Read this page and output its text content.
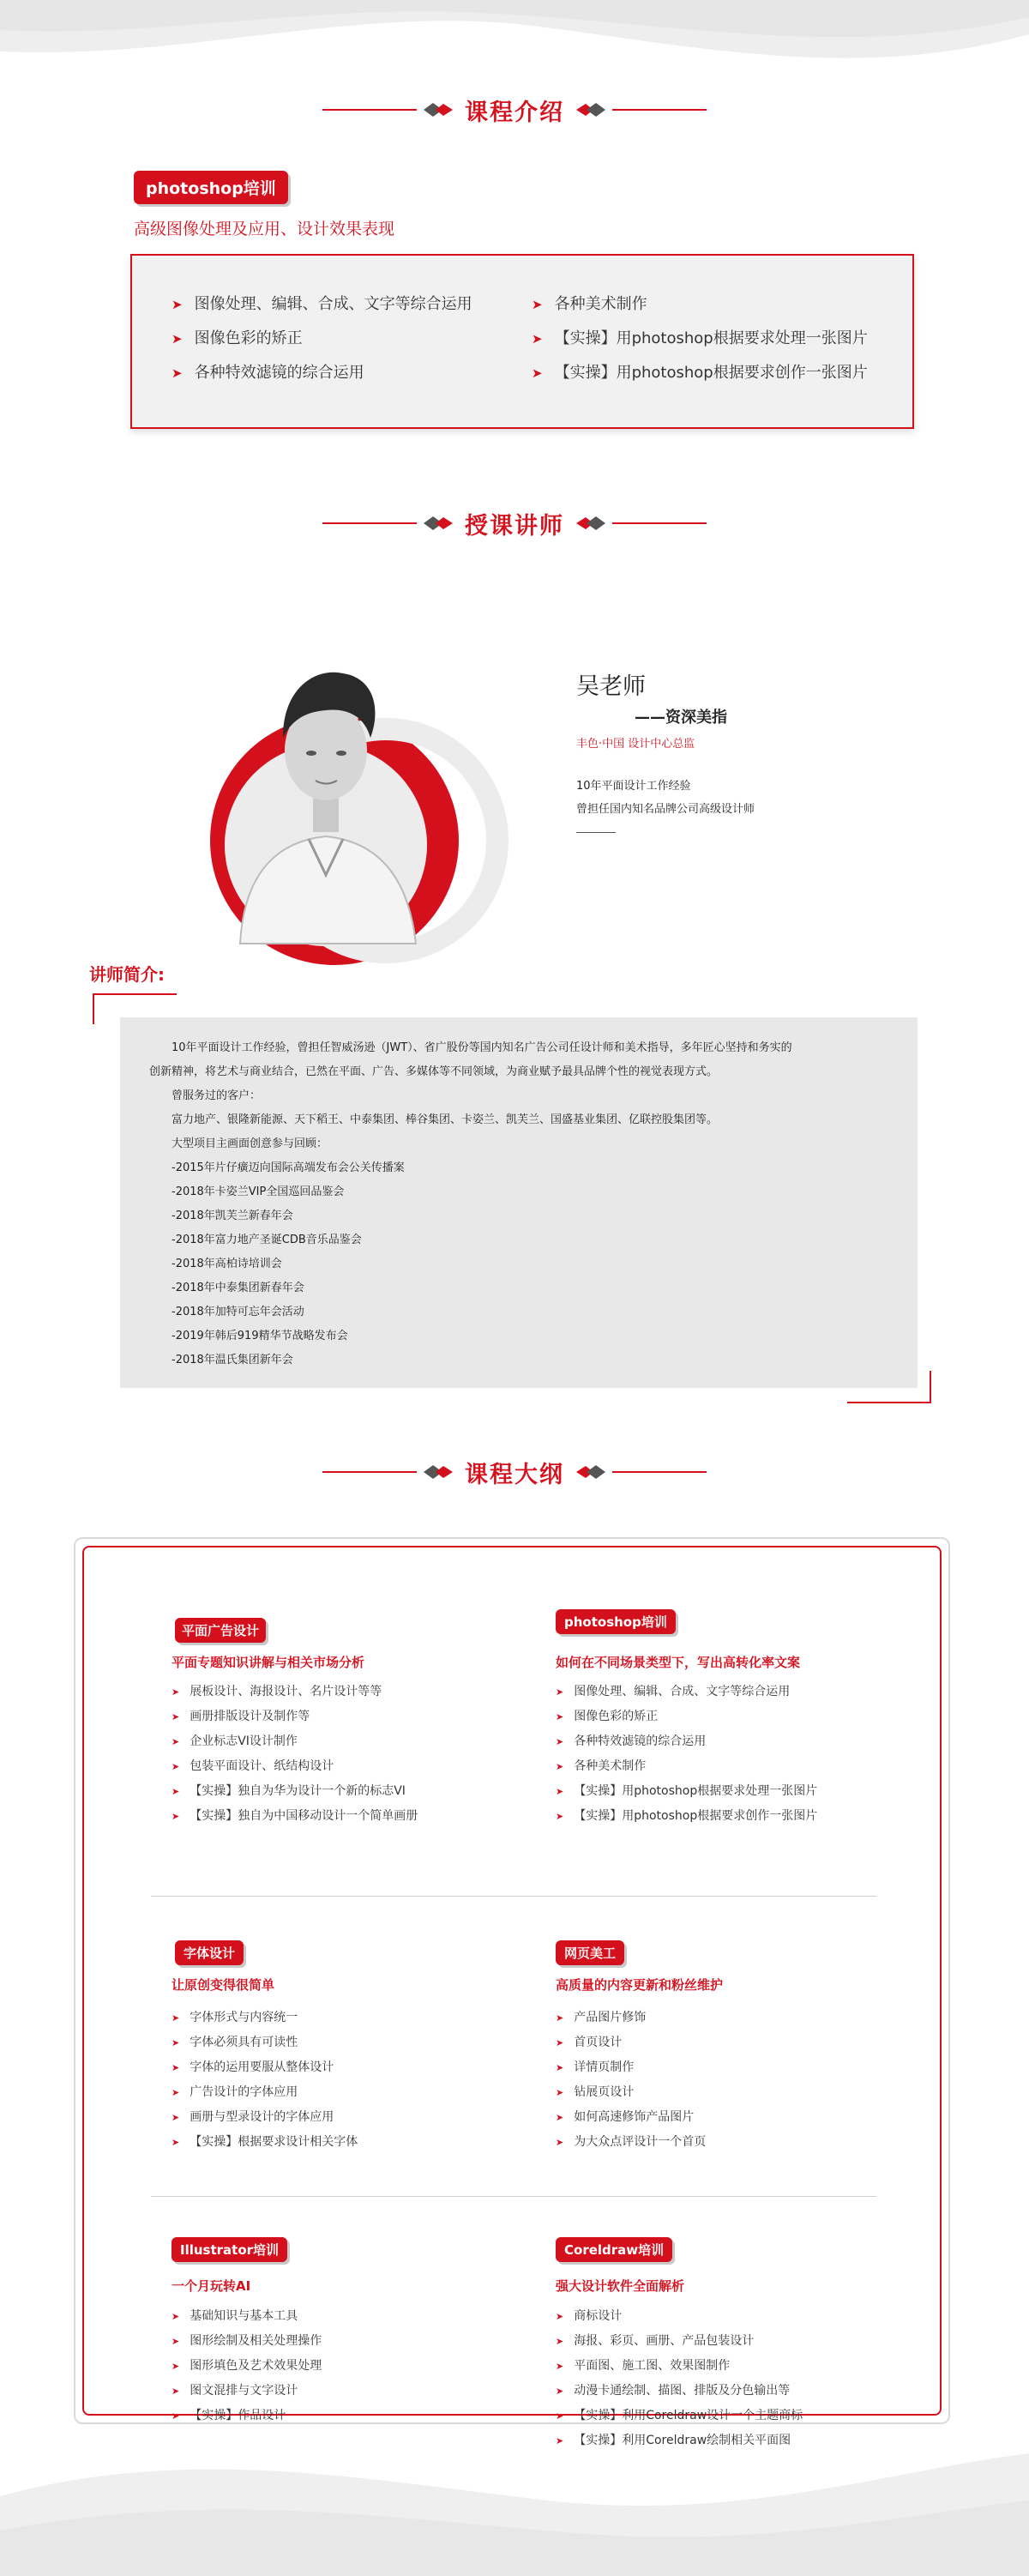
课程介绍
photoshop培训
高级图像处理及应用、设计效果表现
➤ 图像处理、编辑、合成、文字等综合运用
➤ 图像色彩的矫正
➤ 各种特效滤镜的综合运用
➤ 各种美术制作
➤ 【实操】用photoshop根据要求处理一张图片
➤ 【实操】用photoshop根据要求创作一张图片
授课讲师
吴老师
——资深美指
丰色·中国 设计中心总监
10年平面设计工作经验
曾担任国内知名品牌公司高级设计师
讲师简介:

10年平面设计工作经验，曾担任智威汤逊（JWT）、省广股份等国内知名广告公司任设计师和美术指导，多年匠心坚持和务实的

创新精神，将艺术与商业结合，已然在平面、广告、多媒体等不同领域，为商业赋予最具品牌个性的视觉表现方式。

曾服务过的客户：

富力地产、银隆新能源、天下稻王、中泰集团、棒谷集团、卡姿兰、凯芙兰、国盛基业集团、亿联控股集团等。

大型项目主画面创意参与回顾：

-2015年片仔癀迈向国际高端发布会公关传播案

-2018年卡姿兰VIP全国巡回品鉴会

-2018年凯芙兰新春年会

-2018年富力地产圣诞CDB音乐品鉴会

-2018年高柏诗培训会

-2018年中泰集团新春年会

-2018年加特可忘年会活动

-2019年韩后919精华节战略发布会

-2018年温氏集团新年会

课程大纲
平面广告设计
平面专题知识讲解与相关市场分析
➤ 展板设计、海报设计、名片设计等等
➤ 画册排版设计及制作等
➤ 企业标志VI设计制作
➤ 包装平面设计、纸结构设计
➤ 【实操】独自为华为设计一个新的标志VI
➤ 【实操】独自为中国移动设计一个简单画册
photoshop培训
如何在不同场景类型下，写出高转化率文案
➤ 图像处理、编辑、合成、文字等综合运用
➤ 图像色彩的矫正
➤ 各种特效滤镜的综合运用
➤ 各种美术制作
➤ 【实操】用photoshop根据要求处理一张图片
➤ 【实操】用photoshop根据要求创作一张图片
字体设计
让原创变得很简单
➤ 字体形式与内容统一
➤ 字体必须具有可读性
➤ 字体的运用要服从整体设计
➤ 广告设计的字体应用
➤ 画册与型录设计的字体应用
➤ 【实操】根据要求设计相关字体
网页美工
高质量的内容更新和粉丝维护
➤ 产品图片修饰
➤ 首页设计
➤ 详情页制作
➤ 钻展页设计
➤ 如何高速修饰产品图片
➤ 为大众点评设计一个首页
Illustrator培训
一个月玩转AI
➤ 基础知识与基本工具
➤ 图形绘制及相关处理操作
➤ 图形填色及艺术效果处理
➤ 图文混排与文字设计
➤ 【实操】作品设计
Coreldraw培训
强大设计软件全面解析
➤ 商标设计
➤ 海报、彩页、画册、产品包装设计
➤ 平面图、施工图、效果图制作
➤ 动漫卡通绘制、描图、排版及分色输出等
➤ 【实操】利用Coreldraw设计一个主题商标
➤ 【实操】利用Coreldraw绘制相关平面图
